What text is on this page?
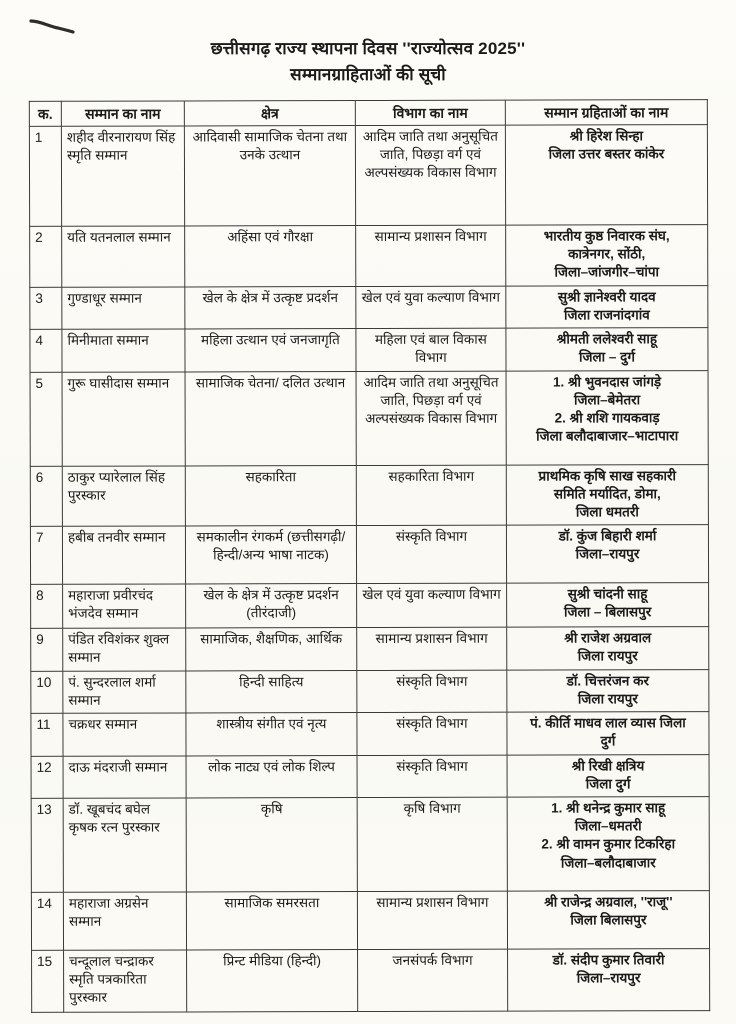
छत्तीसगढ़ राज्य स्थापना दिवस ''राज्योत्सव 2025''
सम्मानग्राहिताओं की सूची
क.	सम्मान का नाम	क्षेत्र	विभाग का नाम	सम्मान ग्रहिताओं का नाम
1	शहीद वीरनारायण सिंह स्मृति सम्मान	आदिवासी सामाजिक चेतना तथा उनके उत्थान	आदिम जाति तथा अनुसूचित जाति, पिछड़ा वर्ग एवं अल्पसंख्यक विकास विभाग	श्री हिरेश सिन्हा
जिला उत्तर बस्तर कांकेर
2	यति यतनलाल सम्मान	अहिंसा एवं गौरक्षा	सामान्य प्रशासन विभाग	भारतीय कुष्ठ निवारक संघ,
कात्रेनगर, सोंठी,
जिला–जांजगीर–चांपा
3	गुण्डाधूर सम्मान	खेल के क्षेत्र में उत्कृष्ट प्रदर्शन	खेल एवं युवा कल्याण विभाग	सुश्री ज्ञानेश्वरी यादव
जिला राजनांदगांव
4	मिनीमाता सम्मान	महिला उत्थान एवं जनजागृति	महिला एवं बाल विकास विभाग	श्रीमती ललेश्वरी साहू
जिला – दुर्ग
5	गुरू घासीदास सम्मान	सामाजिक चेतना/ दलित उत्थान	आदिम जाति तथा अनुसूचित जाति, पिछड़ा वर्ग एवं अल्पसंख्यक विकास विभाग	1. श्री भुवनदास जांगड़े
जिला–बेमेतरा
2. श्री शशि गायकवाड़
जिला बलौदाबाजार–भाटापारा
6	ठाकुर प्यारेलाल सिंह पुरस्कार	सहकारिता	सहकारिता विभाग	प्राथमिक कृषि साख सहकारी
समिति मर्यादित, डोमा,
जिला धमतरी
7	हबीब तनवीर सम्मान	समकालीन रंगकर्म (छत्तीसगढ़ी/हिन्दी/अन्य भाषा नाटक)	संस्कृति विभाग	डॉ. कुंज बिहारी शर्मा
जिला–रायपुर
8	महाराजा प्रवीरचंद भंजदेव सम्मान	खेल के क्षेत्र में उत्कृष्ट प्रदर्शन (तीरंदाजी)	खेल एवं युवा कल्याण विभाग	सुश्री चांदनी साहू
जिला – बिलासपुर
9	पंडित रविशंकर शुक्ल सम्मान	सामाजिक, शैक्षणिक, आर्थिक	सामान्य प्रशासन विभाग	श्री राजेश अग्रवाल
जिला रायपुर
10	पं. सुन्दरलाल शर्मा सम्मान	हिन्दी साहित्य	संस्कृति विभाग	डॉ. चित्तरंजन कर
जिला रायपुर
11	चक्रधर सम्मान	शास्त्रीय संगीत एवं नृत्य	संस्कृति विभाग	पं. कीर्ति माधव लाल व्यास जिला
दुर्ग
12	दाऊ मंदराजी सम्मान	लोक नाट्य एवं लोक शिल्प	संस्कृति विभाग	श्री रिखी क्षत्रिय
जिला दुर्ग
13	डॉ. खूबचंद बघेल कृषक रत्न पुरस्कार	कृषि	कृषि विभाग	1. श्री थनेन्द्र कुमार साहू
जिला–धमतरी
2. श्री वामन कुमार टिकरिहा
जिला–बलौदाबाजार
14	महाराजा अग्रसेन सम्मान	सामाजिक समरसता	सामान्य प्रशासन विभाग	श्री राजेन्द्र अग्रवाल, ''राजू''
जिला बिलासपुर
15	चन्दूलाल चन्द्राकर स्मृति पत्रकारिता पुरस्कार	प्रिन्ट मीडिया (हिन्दी)	जनसंपर्क विभाग	डॉ. संदीप कुमार तिवारी
जिला–रायपुर
